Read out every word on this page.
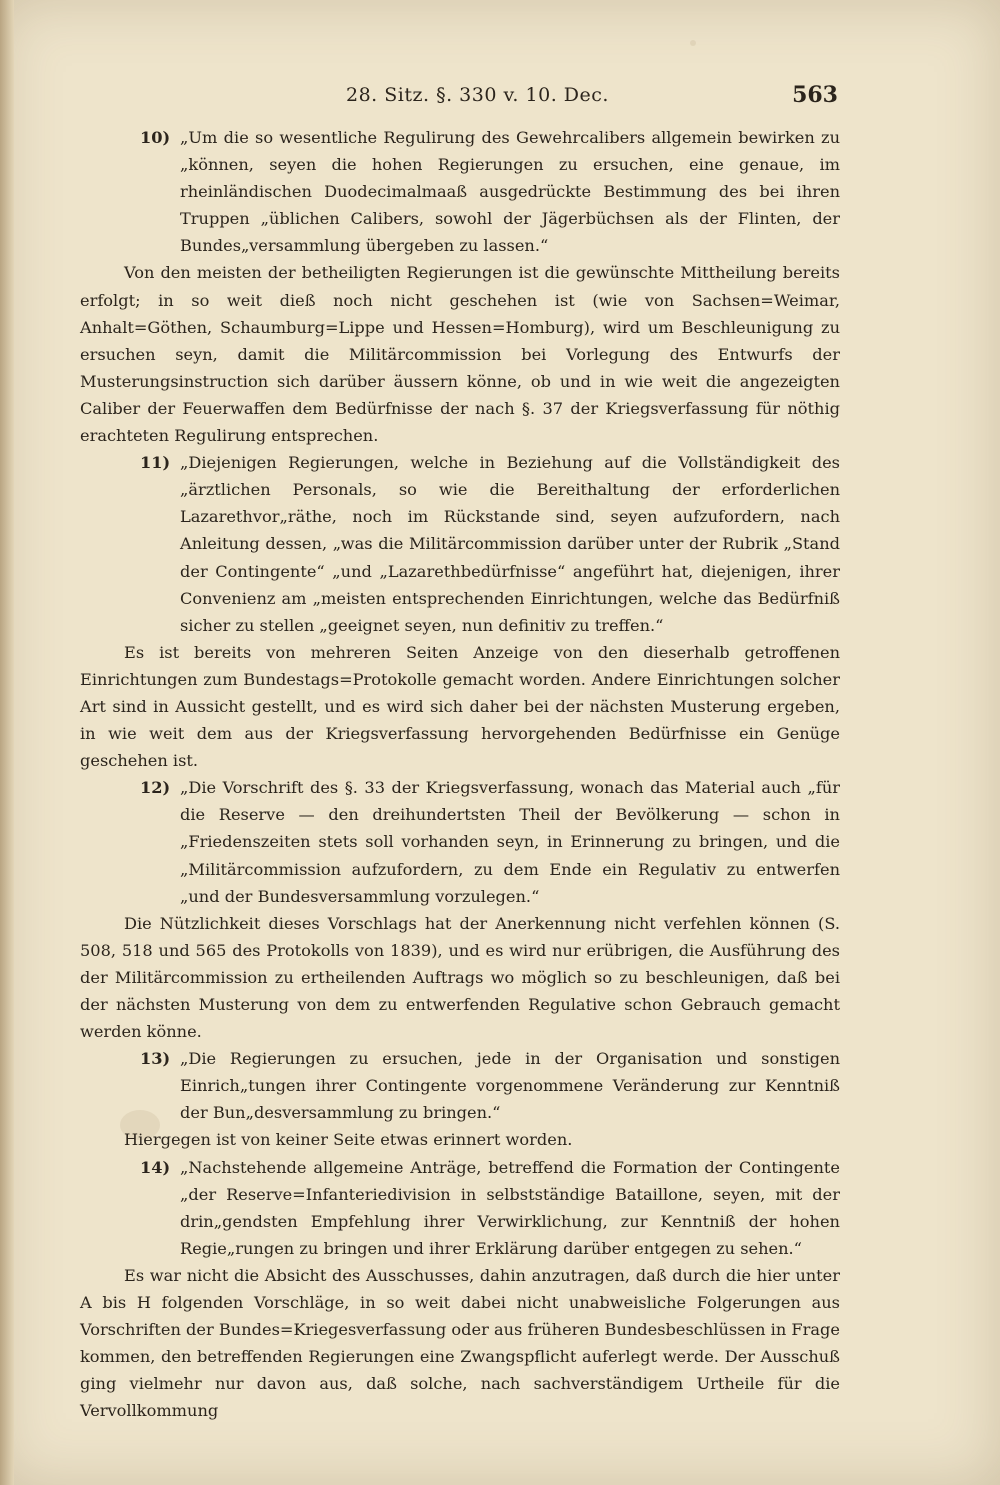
28. Sitz. §. 330 v. 10. Dec.	563

10) „Um die so wesentliche Regulirung des Gewehrcalibers allgemein bewirken zu „können, seyen die hohen Regierungen zu ersuchen, eine genaue, im rheinländischen Duodecimalmaaß ausgedrückte Bestimmung des bei ihren Truppen „üblichen Calibers, sowohl der Jägerbüchsen als der Flinten, der Bundes„versammlung übergeben zu lassen.“

Von den meisten der betheiligten Regierungen ist die gewünschte Mittheilung bereits erfolgt; in so weit dieß noch nicht geschehen ist (wie von Sachsen=Weimar, Anhalt=Göthen, Schaumburg=Lippe und Hessen=Homburg), wird um Beschleunigung zu ersuchen seyn, damit die Militärcommission bei Vorlegung des Entwurfs der Musterungsinstruction sich darüber äussern könne, ob und in wie weit die angezeigten Caliber der Feuerwaffen dem Bedürfnisse der nach §. 37 der Kriegsverfassung für nöthig erachteten Regulirung entsprechen.

11) „Diejenigen Regierungen, welche in Beziehung auf die Vollständigkeit des „ärztlichen Personals, so wie die Bereithaltung der erforderlichen Lazarethvor„räthe, noch im Rückstande sind, seyen aufzufordern, nach Anleitung dessen, „was die Militärcommission darüber unter der Rubrik „Stand der Contingente“ „und „Lazarethbedürfnisse“ angeführt hat, diejenigen, ihrer Convenienz am „meisten entsprechenden Einrichtungen, welche das Bedürfniß sicher zu stellen „geeignet seyen, nun definitiv zu treffen.“

Es ist bereits von mehreren Seiten Anzeige von den dieserhalb getroffenen Einrichtungen zum Bundestags=Protokolle gemacht worden. Andere Einrichtungen solcher Art sind in Aussicht gestellt, und es wird sich daher bei der nächsten Musterung ergeben, in wie weit dem aus der Kriegsverfassung hervorgehenden Bedürfnisse ein Genüge geschehen ist.

12) „Die Vorschrift des §. 33 der Kriegsverfassung, wonach das Material auch „für die Reserve — den dreihundertsten Theil der Bevölkerung — schon in „Friedenszeiten stets soll vorhanden seyn, in Erinnerung zu bringen, und die „Militärcommission aufzufordern, zu dem Ende ein Regulativ zu entwerfen „und der Bundesversammlung vorzulegen.“

Die Nützlichkeit dieses Vorschlags hat der Anerkennung nicht verfehlen können (S. 508, 518 und 565 des Protokolls von 1839), und es wird nur erübrigen, die Ausführung des der Militärcommission zu ertheilenden Auftrags wo möglich so zu beschleunigen, daß bei der nächsten Musterung von dem zu entwerfenden Regulative schon Gebrauch gemacht werden könne.

13) „Die Regierungen zu ersuchen, jede in der Organisation und sonstigen Einrich„tungen ihrer Contingente vorgenommene Veränderung zur Kenntniß der Bun„desversammlung zu bringen.“

Hiergegen ist von keiner Seite etwas erinnert worden.

14) „Nachstehende allgemeine Anträge, betreffend die Formation der Contingente „der Reserve=Infanteriedivision in selbstständige Bataillone, seyen, mit der drin„gendsten Empfehlung ihrer Verwirklichung, zur Kenntniß der hohen Regie„rungen zu bringen und ihrer Erklärung darüber entgegen zu sehen.“

Es war nicht die Absicht des Ausschusses, dahin anzutragen, daß durch die hier unter A bis H folgenden Vorschläge, in so weit dabei nicht unabweisliche Folgerungen aus Vorschriften der Bundes=Kriegesverfassung oder aus früheren Bundesbeschlüssen in Frage kommen, den betreffenden Regierungen eine Zwangspflicht auferlegt werde. Der Ausschuß ging vielmehr nur davon aus, daß solche, nach sachverständigem Urtheile für die Vervollkommung
